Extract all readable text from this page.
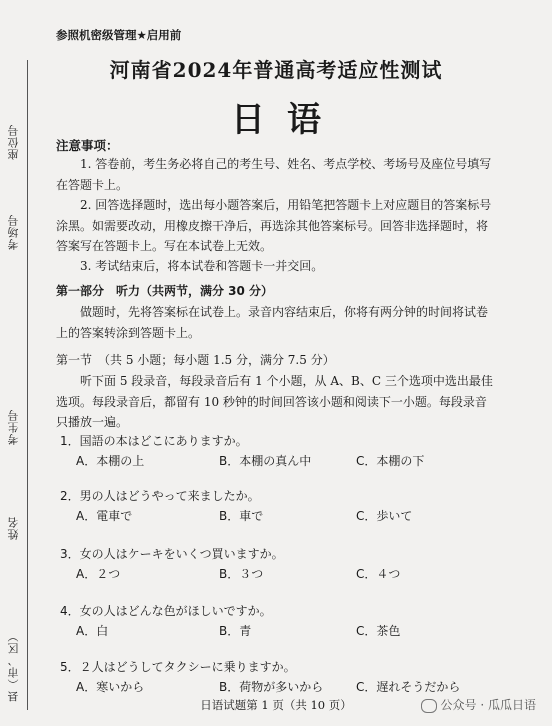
座位号
考场号
考生号
姓名
县（市、区）
参照机密级管理★启用前
河南省2024年普通高考适应性测试
日语
注意事项：
1. 答卷前，考生务必将自己的考生号、姓名、考点学校、考场号及座位号填写在答题卡上。
2. 回答选择题时，选出每小题答案后，用铅笔把答题卡上对应题目的答案标号涂黑。如需要改动，用橡皮擦干净后，再选涂其他答案标号。回答非选择题时，将答案写在答题卡上。写在本试卷上无效。
3. 考试结束后，将本试卷和答题卡一并交回。
第一部分　听力（共两节，满分 30 分）
做题时，先将答案标在试卷上。录音内容结束后，你将有两分钟的时间将试卷上的答案转涂到答题卡上。
第一节　（共 5 小题；每小题 1.5 分，满分 7.5 分）
听下面 5 段录音，每段录音后有 1 个小题，从 A、B、C 三个选项中选出最佳选项。每段录音后，都留有 10 秒钟的时间回答该小题和阅读下一小题。每段录音只播放一遍。
1．国語の本はどこにありますか。
A．本棚の上	B．本棚の真ん中	C．本棚の下
2．男の人はどうやって来ましたか。
A．電車で	B．車で	C．歩いて
3．女の人はケーキをいくつ買いますか。
A．２つ	B．３つ	C．４つ
4．女の人はどんな色がほしいですか。
A．白	B．青	C．茶色
5．２人はどうしてタクシーに乗りますか。
A．寒いから	B．荷物が多いから	C．遅れそうだから
日语试题第 1 页（共 10 页）	公众号 · 瓜瓜日语
